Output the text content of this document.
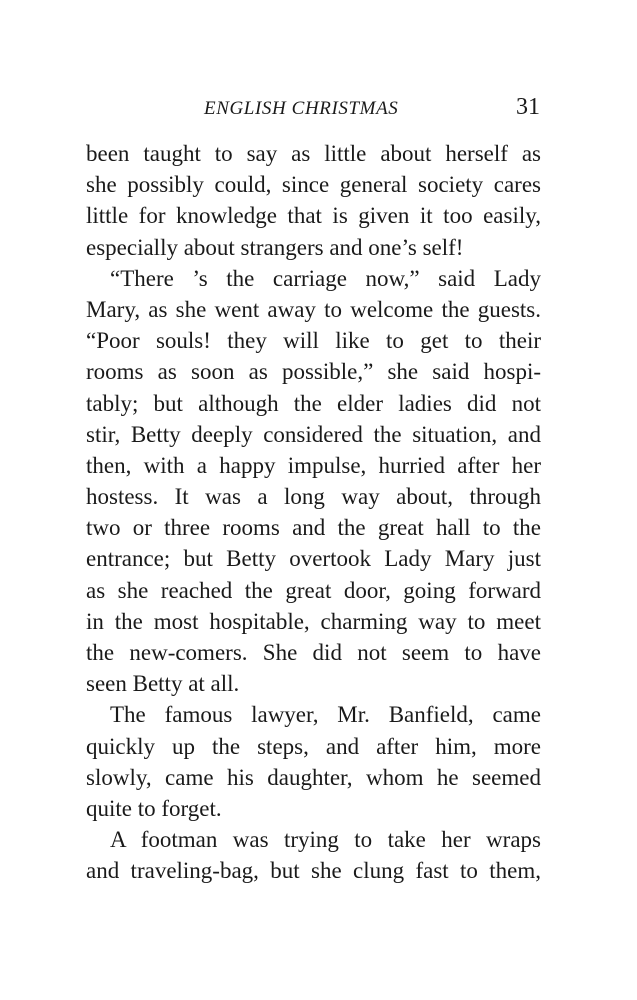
ENGLISH CHRISTMAS	31
been taught to say as little about herself as
she possibly could, since general society cares
little for knowledge that is given it too easily,
especially about strangers and one’s self!
“There ’s the carriage now,” said Lady
Mary, as she went away to welcome the guests.
“Poor souls! they will like to get to their
rooms as soon as possible,” she said hospi-
tably; but although the elder ladies did not
stir, Betty deeply considered the situation, and
then, with a happy impulse, hurried after her
hostess. It was a long way about, through
two or three rooms and the great hall to the
entrance; but Betty overtook Lady Mary just
as she reached the great door, going forward
in the most hospitable, charming way to meet
the new-comers. She did not seem to have
seen Betty at all.
The famous lawyer, Mr. Banfield, came
quickly up the steps, and after him, more
slowly, came his daughter, whom he seemed
quite to forget.
A footman was trying to take her wraps
and traveling-bag, but she clung fast to them,
